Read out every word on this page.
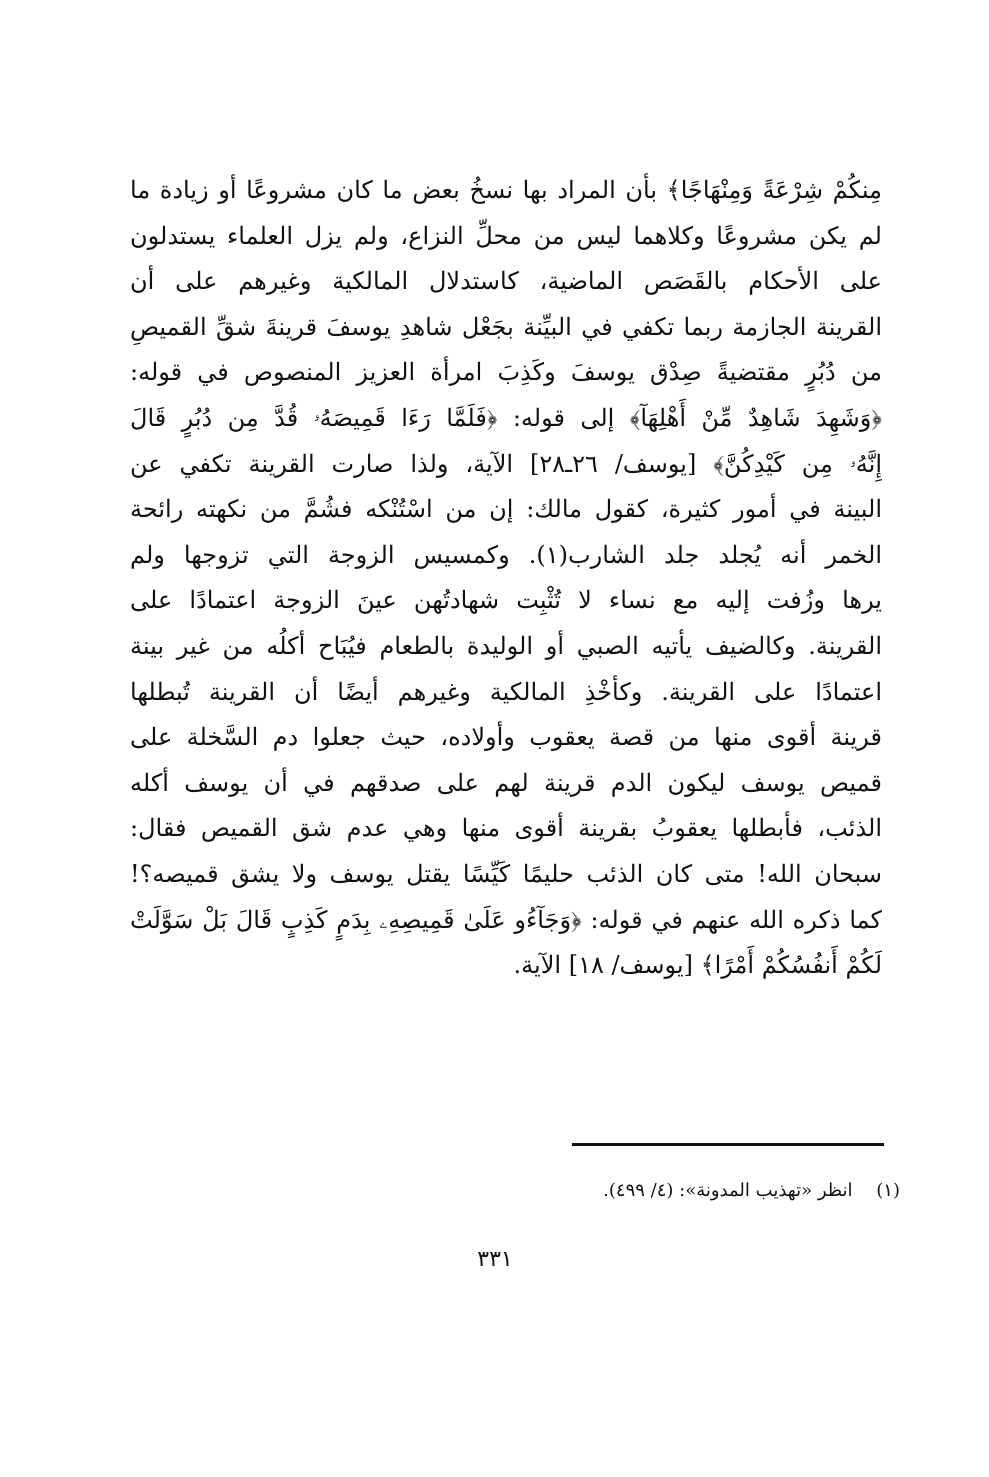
مِنكُمْ شِرْعَةً وَمِنْهَاجًا﴾ بأن المراد بها نسخُ بعض ما كان مشروعًا أو زيادة ما
لم يكن مشروعًا وكلاهما ليس من محلِّ النزاع، ولم يزل العلماء يستدلون
على الأحكام بالقَصَص الماضية، كاستدلال المالكية وغيرهم على أن
القرينة الجازمة ربما تكفي في البيِّنة بجَعْل شاهدِ يوسفَ قرينةَ شقِّ القميصِ
من دُبُرٍ مقتضيةً صِدْق يوسفَ وكَذِبَ امرأة العزيز المنصوص في قوله:
﴿وَشَهِدَ شَاهِدٌ مِّنْ أَهْلِهَآ﴾ إلى قوله: ﴿فَلَمَّا رَءَا قَمِيصَهُۥ قُدَّ مِن دُبُرٍ قَالَ
إِنَّهُۥ مِن كَيْدِكُنَّ﴾ [يوسف/ ٢٦ـ٢٨] الآية، ولذا صارت القرينة تكفي عن
البينة في أمور كثيرة، كقول مالك: إن من اسْتُنْكه فشُمَّ من نكهته رائحة
الخمر أنه يُجلد جلد الشارب(١). وكمسيس الزوجة التي تزوجها ولم
يرها وزُفت إليه مع نساء لا تُثْبِت شهادتُهن عينَ الزوجة اعتمادًا على
القرينة. وكالضيف يأتيه الصبي أو الوليدة بالطعام فيُبَاح أكلُه من غير بينة
اعتمادًا على القرينة. وكأخْذِ المالكية وغيرهم أيضًا أن القرينة تُبطلها
قرينة أقوى منها من قصة يعقوب وأولاده، حيث جعلوا دم السَّخلة على
قميص يوسف ليكون الدم قرينة لهم على صدقهم في أن يوسف أكله
الذئب، فأبطلها يعقوبُ بقرينة أقوى منها وهي عدم شق القميص فقال:
سبحان الله! متى كان الذئب حليمًا كَيِّسًا يقتل يوسف ولا يشق قميصه؟!
كما ذكره الله عنهم في قوله: ﴿وَجَآءُو عَلَىٰ قَمِيصِهِۦ بِدَمٍ كَذِبٍ قَالَ بَلْ سَوَّلَتْ
لَكُمْ أَنفُسُكُمْ أَمْرًا﴾ [يوسف/ ١٨] الآية.
(١) انظر «تهذيب المدونة»: (٤/ ٤٩٩).
٣٣١
